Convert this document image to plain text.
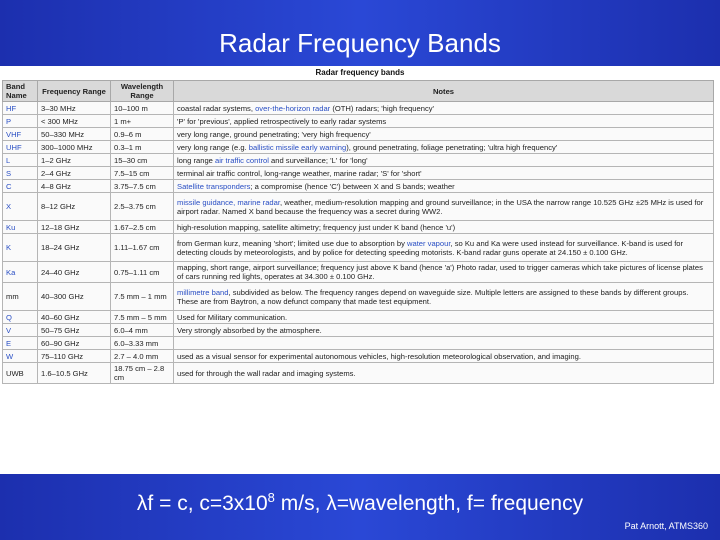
Radar Frequency Bands
Radar frequency bands
Band Name	Frequency Range	Wavelength Range	Notes
HF	3–30 MHz	10–100 m	coastal radar systems, over-the-horizon radar (OTH) radars; 'high frequency'
P	< 300 MHz	1 m+	'P' for 'previous', applied retrospectively to early radar systems
VHF	50–330 MHz	0.9–6 m	very long range, ground penetrating; 'very high frequency'
UHF	300–1000 MHz	0.3–1 m	very long range (e.g. ballistic missile early warning), ground penetrating, foliage penetrating; 'ultra high frequency'
L	1–2 GHz	15–30 cm	long range air traffic control and surveillance; 'L' for 'long'
S	2–4 GHz	7.5–15 cm	terminal air traffic control, long-range weather, marine radar; 'S' for 'short'
C	4–8 GHz	3.75–7.5 cm	Satellite transponders; a compromise (hence 'C') between X and S bands; weather
X	8–12 GHz	2.5–3.75 cm	missile guidance, marine radar, weather, medium-resolution mapping and ground surveillance; in the USA the narrow range 10.525 GHz ±25 MHz is used for airport radar. Named X band because the frequency was a secret during WW2.
Ku	12–18 GHz	1.67–2.5 cm	high-resolution mapping, satellite altimetry; frequency just under K band (hence 'u')
K	18–24 GHz	1.11–1.67 cm	from German kurz, meaning 'short'; limited use due to absorption by water vapour, so Ku and Ka were used instead for surveillance. K-band is used for detecting clouds by meteorologists, and by police for detecting speeding motorists. K-band radar guns operate at 24.150 ± 0.100 GHz.
Ka	24–40 GHz	0.75–1.11 cm	mapping, short range, airport surveillance; frequency just above K band (hence 'a') Photo radar, used to trigger cameras which take pictures of license plates of cars running red lights, operates at 34.300 ± 0.100 GHz.
mm	40–300 GHz	7.5 mm – 1 mm	millimetre band, subdivided as below. The frequency ranges depend on waveguide size. Multiple letters are assigned to these bands by different groups. These are from Baytron, a now defunct company that made test equipment.
Q	40–60 GHz	7.5 mm – 5 mm	Used for Military communication.
V	50–75 GHz	6.0–4 mm	Very strongly absorbed by the atmosphere.
E	60–90 GHz	6.0–3.33 mm	
W	75–110 GHz	2.7 – 4.0 mm	used as a visual sensor for experimental autonomous vehicles, high-resolution meteorological observation, and imaging.
UWB	1.6–10.5 GHz	18.75 cm – 2.8 cm	used for through the wall radar and imaging systems.
λf = c, $c=3x10^8$ m/s, λ=wavelength, f= frequency
Pat Arnott, ATMS360
